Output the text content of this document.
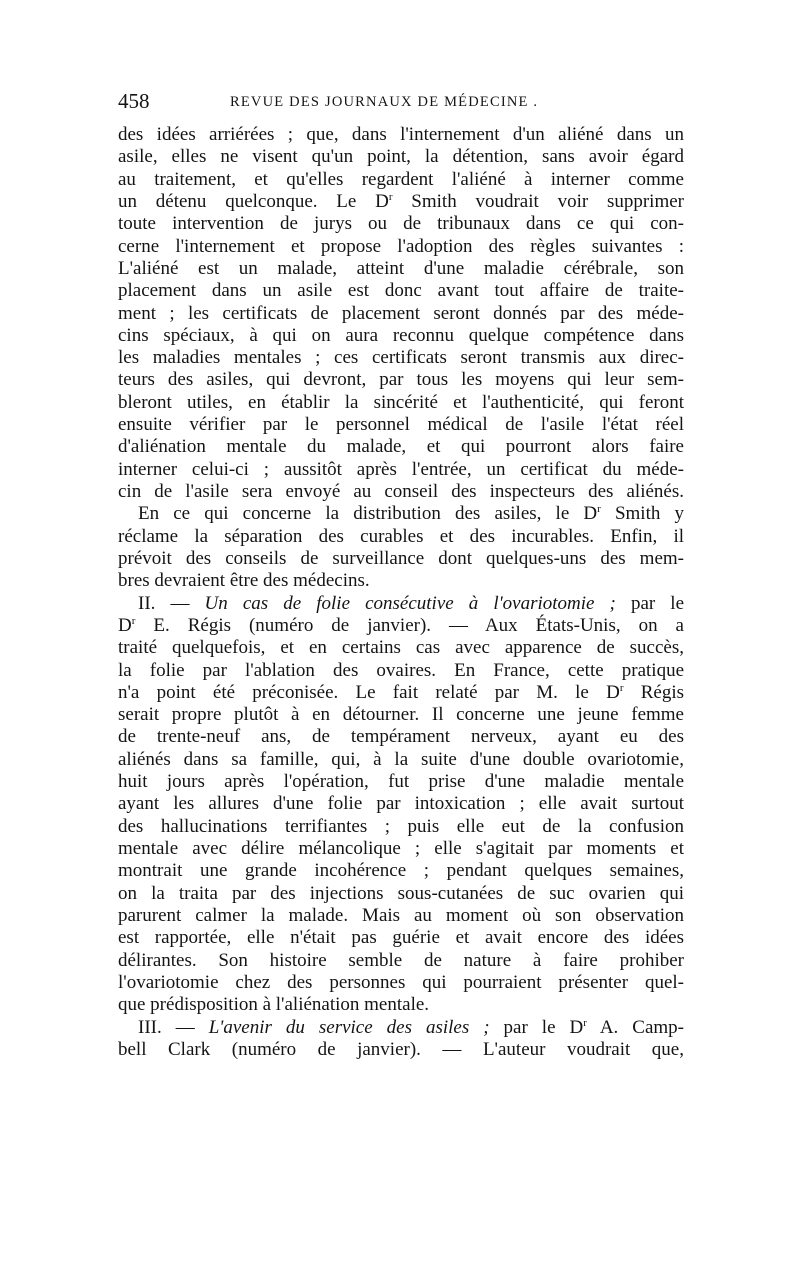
458	REVUE DES JOURNAUX DE MÉDECINE .
des idées arriérées ; que, dans l'internement d'un aliéné dans un
asile, elles ne visent qu'un point, la détention, sans avoir égard
au traitement, et qu'elles regardent l'aliéné à interner comme
un détenu quelconque. Le $D^r$ Smith voudrait voir supprimer
toute intervention de jurys ou de tribunaux dans ce qui con-
cerne l'internement et propose l'adoption des règles suivantes :
L'aliéné est un malade, atteint d'une maladie cérébrale, son
placement dans un asile est donc avant tout affaire de traite-
ment ; les certificats de placement seront donnés par des méde-
cins spéciaux, à qui on aura reconnu quelque compétence dans
les maladies mentales ; ces certificats seront transmis aux direc-
teurs des asiles, qui devront, par tous les moyens qui leur sem-
bleront utiles, en établir la sincérité et l'authenticité, qui feront
ensuite vérifier par le personnel médical de l'asile l'état réel
d'aliénation mentale du malade, et qui pourront alors faire
interner celui-ci ; aussitôt après l'entrée, un certificat du méde-
cin de l'asile sera envoyé au conseil des inspecteurs des aliénés.
En ce qui concerne la distribution des asiles, le $D^r$ Smith y
réclame la séparation des curables et des incurables. Enfin, il
prévoit des conseils de surveillance dont quelques-uns des mem-
bres devraient être des médecins.
II. — Un cas de folie consécutive à l'ovariotomie ; par le
$D^r$ E. Régis (numéro de janvier). — Aux États-Unis, on a
traité quelquefois, et en certains cas avec apparence de succès,
la folie par l'ablation des ovaires. En France, cette pratique
n'a point été préconisée. Le fait relaté par M. le $D^r$ Régis
serait propre plutôt à en détourner. Il concerne une jeune femme
de trente-neuf ans, de tempérament nerveux, ayant eu des
aliénés dans sa famille, qui, à la suite d'une double ovariotomie,
huit jours après l'opération, fut prise d'une maladie mentale
ayant les allures d'une folie par intoxication ; elle avait surtout
des hallucinations terrifiantes ; puis elle eut de la confusion
mentale avec délire mélancolique ; elle s'agitait par moments et
montrait une grande incohérence ; pendant quelques semaines,
on la traita par des injections sous-cutanées de suc ovarien qui
parurent calmer la malade. Mais au moment où son observation
est rapportée, elle n'était pas guérie et avait encore des idées
délirantes. Son histoire semble de nature à faire prohiber
l'ovariotomie chez des personnes qui pourraient présenter quel-
que prédisposition à l'aliénation mentale.
III. — L'avenir du service des asiles ; par le $D^r$ A. Camp-
bell Clark (numéro de janvier). — L'auteur voudrait que,
